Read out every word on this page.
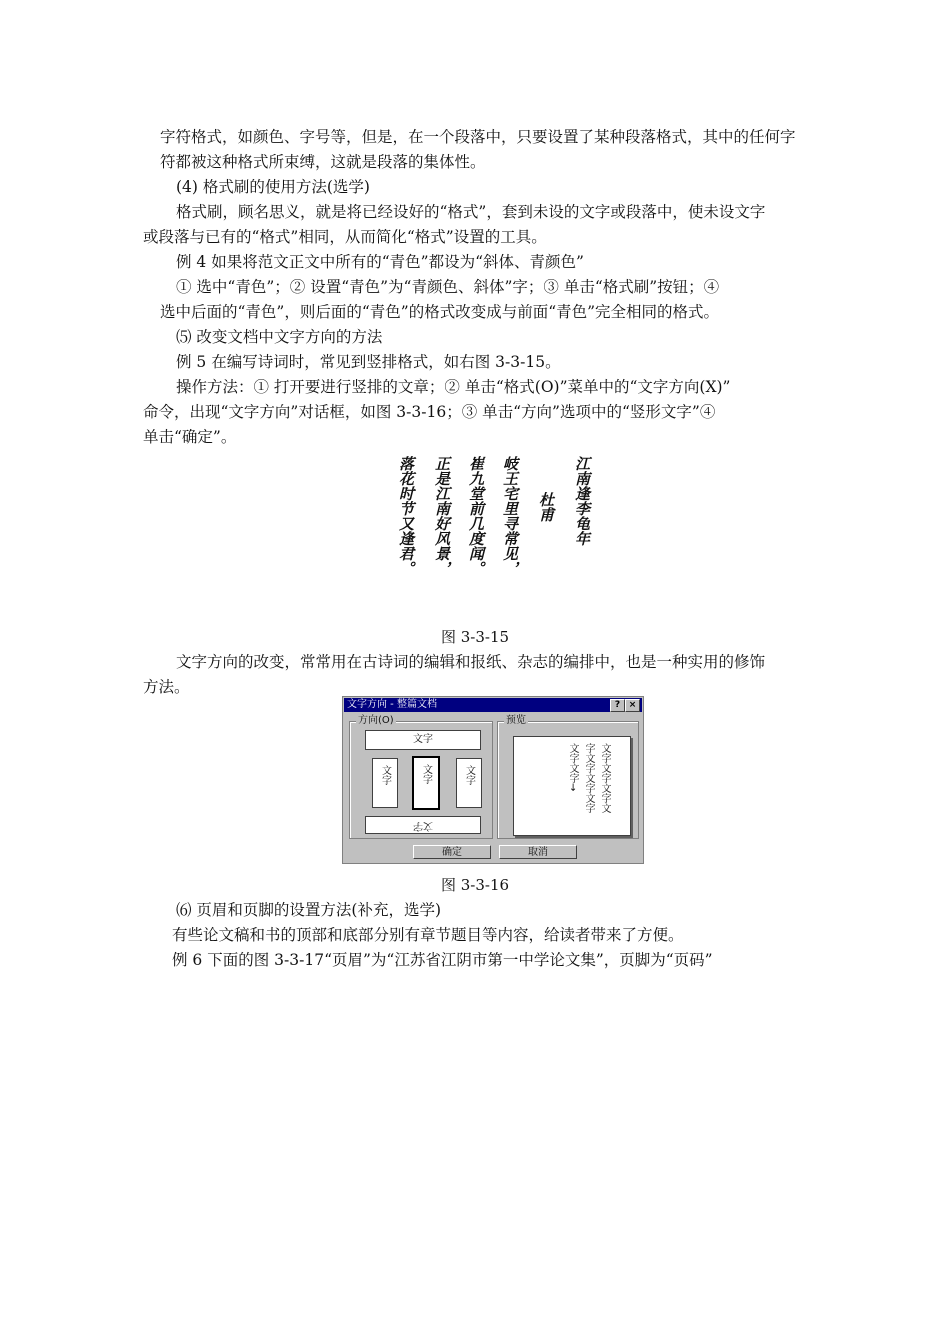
字符格式，如颜色、字号等，但是，在一个段落中，只要设置了某种段落格式，其中的任何字
符都被这种格式所束缚，这就是段落的集体性。
(4) 格式刷的使用方法(选学)
格式刷，顾名思义，就是将已经设好的“格式”，套到未设的文字或段落中，使未设文字
或段落与已有的“格式”相同，从而简化“格式”设置的工具。
例 4 如果将范文正文中所有的“青色”都设为“斜体、青颜色”
① 选中“青色”；② 设置“青色”为“青颜色、斜体”字；③ 单击“格式刷”按钮；④
选中后面的“青色”，则后面的“青色”的格式改变成与前面“青色”完全相同的格式。
⑸ 改变文档中文字方向的方法
例 5 在编写诗词时，常见到竖排格式，如右图 3-3-15。
操作方法：① 打开要进行竖排的文章；② 单击“格式(O)”菜单中的“文字方向(X)”
命令，出现“文字方向”对话框，如图 3-3-16；③ 单击“方向”选项中的“竖形文字”④
单击“确定”。
江南逢李龟年
杜甫
岐王宅里寻常见，
崔九堂前几度闻。
正是江南好风景，
落花时节又逢君。
图 3-3-15
文字方向的改变，常常用在古诗词的编辑和报纸、杂志的编排中，也是一种实用的修饰
方法。
文字方向 - 整篇文档	? ×
方向(O)
文字
文字	文字	文字
文字
预览
确定	取消
文字文字文字文
字文字文字文字
文字文字→
图 3-3-16
⑹ 页眉和页脚的设置方法(补充，选学)
有些论文稿和书的顶部和底部分别有章节题目等内容，给读者带来了方便。
例 6 下面的图 3-3-17“页眉”为“江苏省江阴市第一中学论文集”，页脚为“页码”
